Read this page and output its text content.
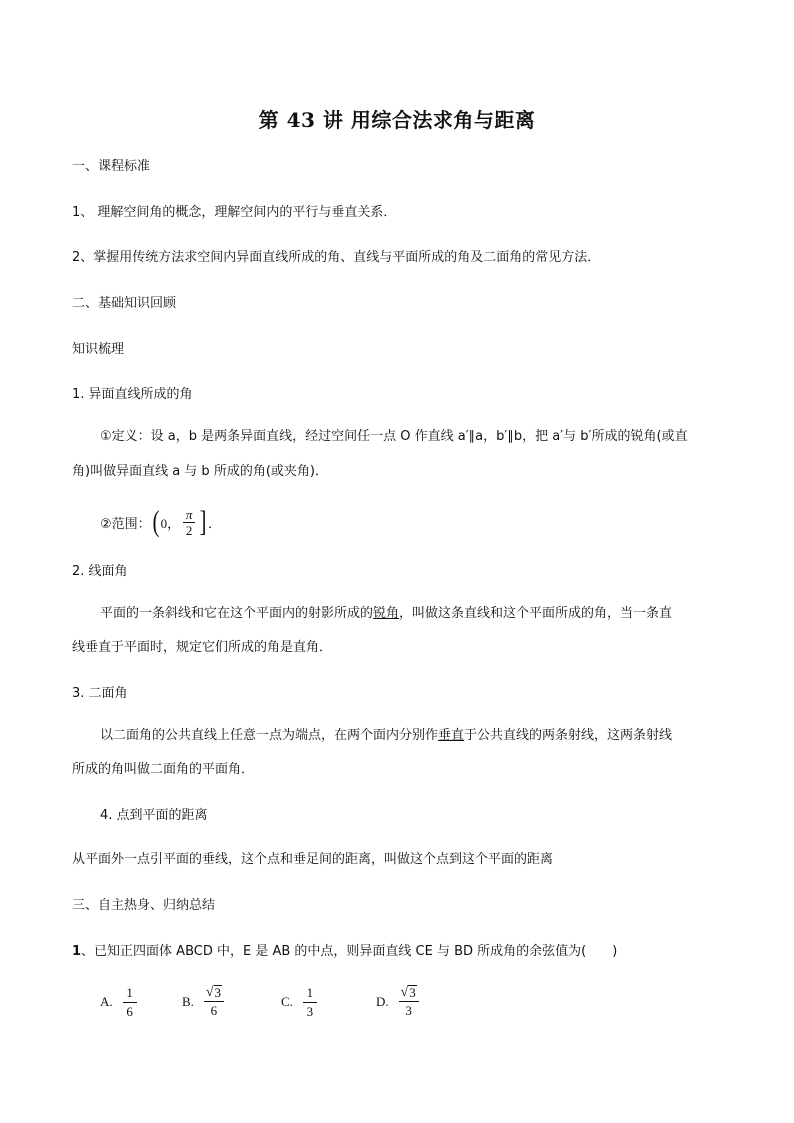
第 43 讲 用综合法求角与距离
一、课程标准
1、 理解空间角的概念，理解空间内的平行与垂直关系．
2、掌握用传统方法求空间内异面直线所成的角、直线与平面所成的角及二面角的常见方法．
二、基础知识回顾
知识梳理
1. 异面直线所成的角
①定义：设 a，b 是两条异面直线，经过空间任一点 O 作直线 a′∥a，b′∥b，把 a′与 b′所成的锐角(或直
角)叫做异面直线 a 与 b 所成的角(或夹角)．
②范围： ( 0， $\frac{\pi}{2}$ ] ．
2. 线面角
平面的一条斜线和它在这个平面内的射影所成的锐角，叫做这条直线和这个平面所成的角，当一条直
线垂直于平面时，规定它们所成的角是直角．
3. 二面角
以二面角的公共直线上任意一点为端点，在两个面内分别作垂直于公共直线的两条射线，这两条射线
所成的角叫做二面角的平面角．
4. 点到平面的距离
从平面外一点引平面的垂线，这个点和垂足间的距离，叫做这个点到这个平面的距离
三、自主热身、归纳总结
1、已知正四面体 ABCD 中，E 是 AB 的中点，则异面直线 CE 与 BD 所成角的余弦值为(　　)
A.
1
6
B.
√ 3
6
C.
1
3
D.
√ 3
3
